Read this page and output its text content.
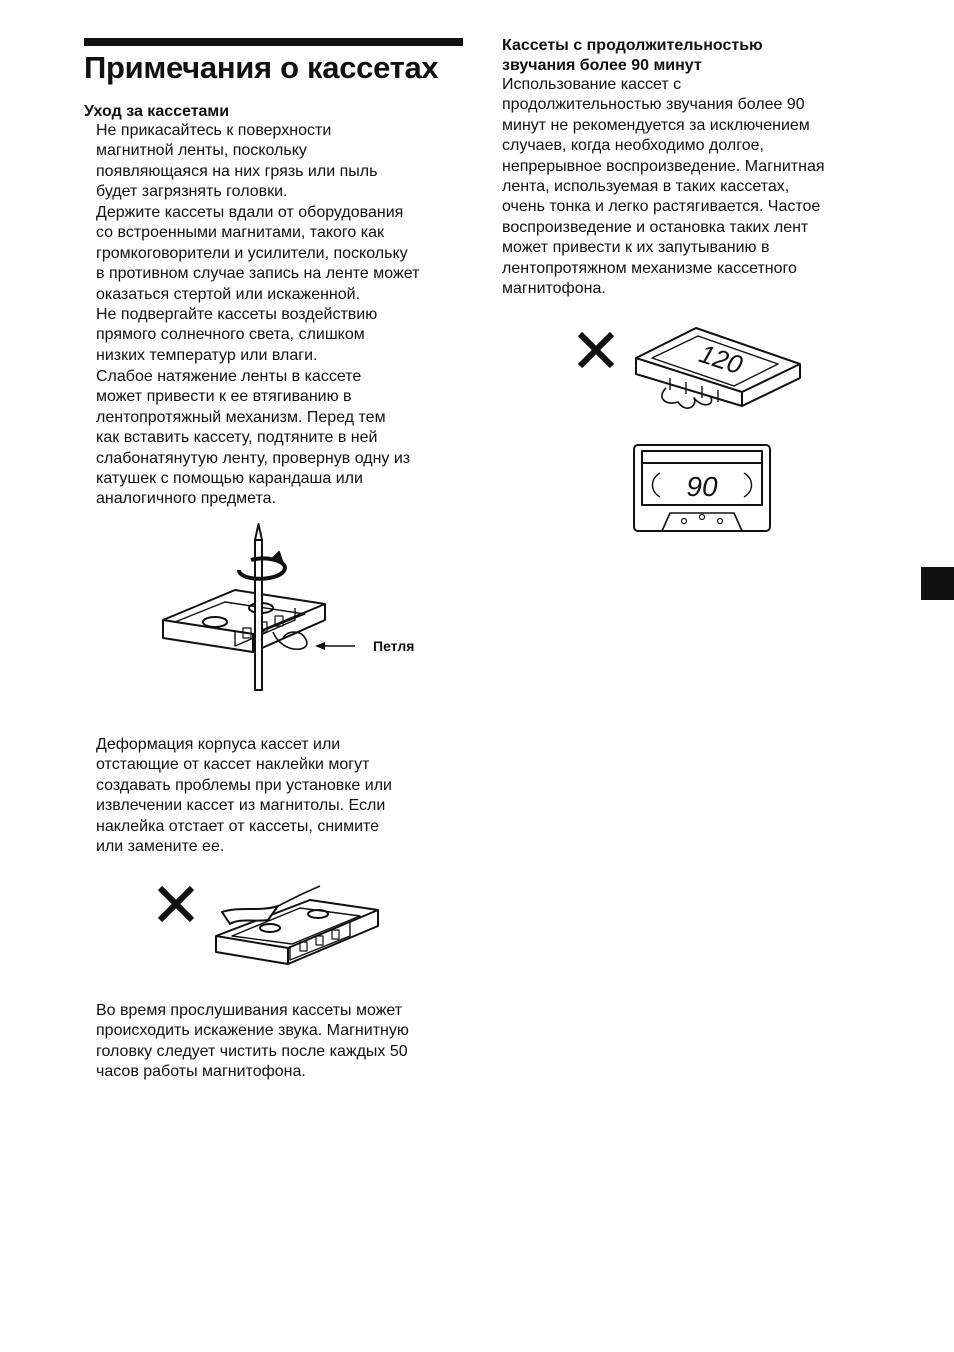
Примечания о кассетах
Уход за кассетами
Не прикасайтесь к поверхности
магнитной ленты, поскольку
появляющаяся на них грязь или пыль
будет загрязнять головки.
Держите кассеты вдали от оборудования
со встроенными магнитами, такого как
громкоговорители и усилители, поскольку
в противном случае запись на ленте может
оказаться стертой или искаженной.
Не подвергайте кассеты воздействию
прямого солнечного света, слишком
низких температур или влаги.
Слабое натяжение ленты в кассете
может привести к ее втягиванию в
лентопротяжный механизм. Перед тем
как вставить кассету, подтяните в ней
слабонатянутую ленту, провернув одну из
катушек с помощью карандаша или
аналогичного предмета.
Петля
Деформация корпуса кассет или
отстающие от кассет наклейки могут
создавать проблемы при установке или
извлечении кассет из магнитолы. Если
наклейка отстает от кассеты, снимите
или замените ее.
Во время прослушивания кассеты может
происходить искажение звука. Магнитную
головку следует чистить после каждых 50
часов работы магнитофона.
Кассеты с продолжительностью
звучания более 90 минут
Использование кассет с
продолжительностью звучания более 90
минут не рекомендуется за исключением
случаев, когда необходимо долгое,
непрерывное воспроизведение. Магнитная
лента, используемая в таких кассетах,
очень тонка и легко растягивается. Частое
воспроизведение и остановка таких лент
может привести к их запутыванию в
лентопротяжном механизме кассетного
магнитофона.
120
90
